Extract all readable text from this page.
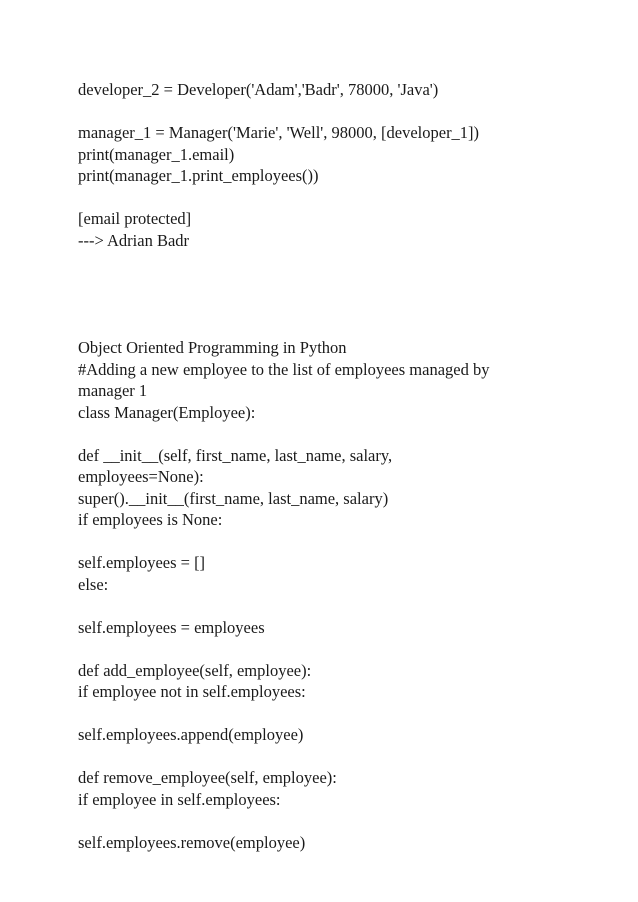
developer_2 = Developer('Adam','Badr', 78000, 'Java')
manager_1 = Manager('Marie', 'Well', 98000, [developer_1])
print(manager_1.email)
print(manager_1.print_employees())
[email protected]
---> Adrian Badr
Object Oriented Programming in Python
#Adding a new employee to the list of employees managed by
manager 1
class Manager(Employee):
def __init__(self, first_name, last_name, salary,
employees=None):
super().__init__(first_name, last_name, salary)
if employees is None:
self.employees = []
else:
self.employees = employees
def add_employee(self, employee):
if employee not in self.employees:
self.employees.append(employee)
def remove_employee(self, employee):
if employee in self.employees:
self.employees.remove(employee)
